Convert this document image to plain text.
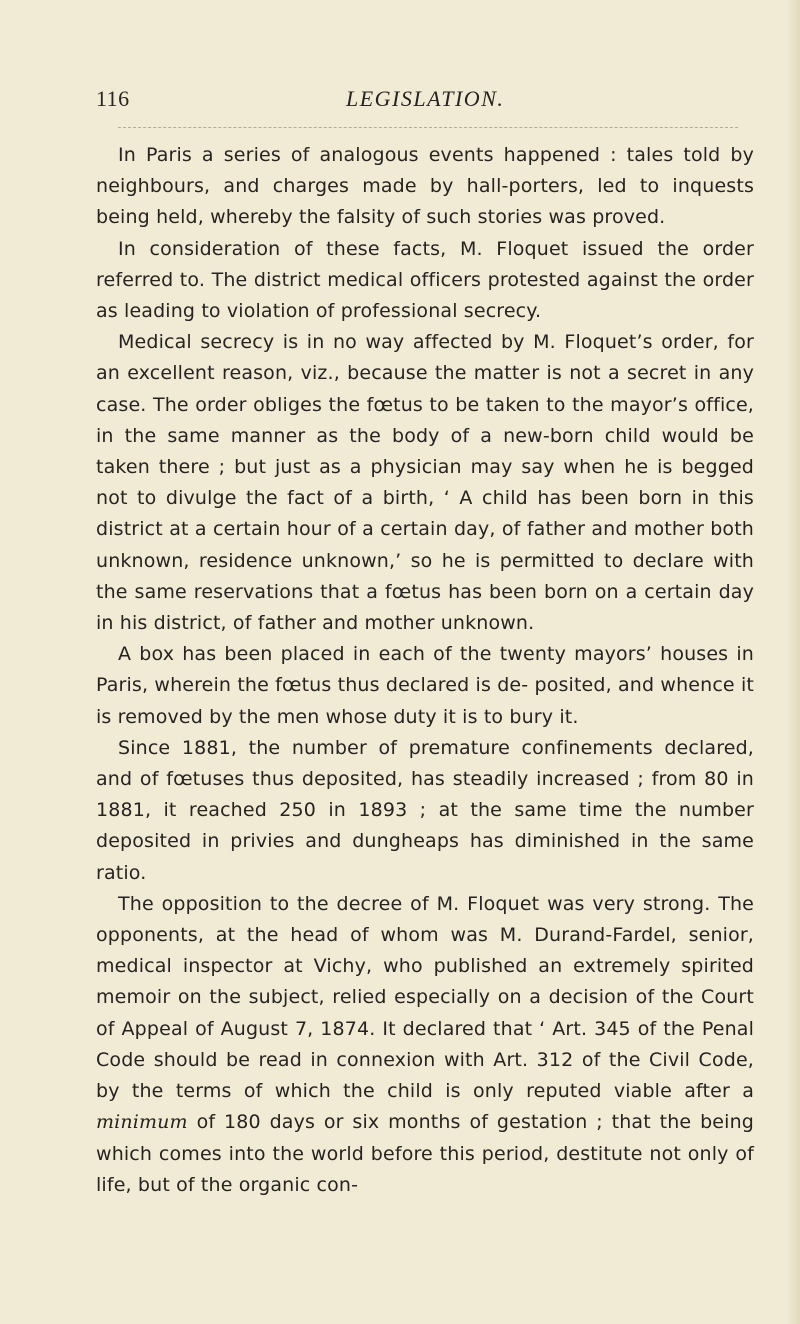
116	LEGISLATION.

In Paris a series of analogous events happened : tales told by neighbours, and charges made by hall-porters, led to inquests being held, whereby the falsity of such stories was proved.

In consideration of these facts, M. Floquet issued the order referred to. The district medical officers protested against the order as leading to violation of professional secrecy.

Medical secrecy is in no way affected by M. Floquet’s order, for an excellent reason, viz., because the matter is not a secret in any case. The order obliges the fœtus to be taken to the mayor’s office, in the same manner as the body of a new-born child would be taken there ; but just as a physician may say when he is begged not to divulge the fact of a birth, ‘ A child has been born in this district at a certain hour of a certain day, of father and mother both unknown, residence unknown,’ so he is permitted to declare with the same reservations that a fœtus has been born on a certain day in his district, of father and mother unknown.

A box has been placed in each of the twenty mayors’ houses in Paris, wherein the fœtus thus declared is de- posited, and whence it is removed by the men whose duty it is to bury it.

Since 1881, the number of premature confinements declared, and of fœtuses thus deposited, has steadily increased ; from 80 in 1881, it reached 250 in 1893 ; at the same time the number deposited in privies and dungheaps has diminished in the same ratio.

The opposition to the decree of M. Floquet was very strong. The opponents, at the head of whom was M. Durand-Fardel, senior, medical inspector at Vichy, who published an extremely spirited memoir on the subject, relied especially on a decision of the Court of Appeal of August 7, 1874. It declared that ‘ Art. 345 of the Penal Code should be read in connexion with Art. 312 of the Civil Code, by the terms of which the child is only reputed viable after a minimum of 180 days or six months of gestation ; that the being which comes into the world before this period, destitute not only of life, but of the organic con-
